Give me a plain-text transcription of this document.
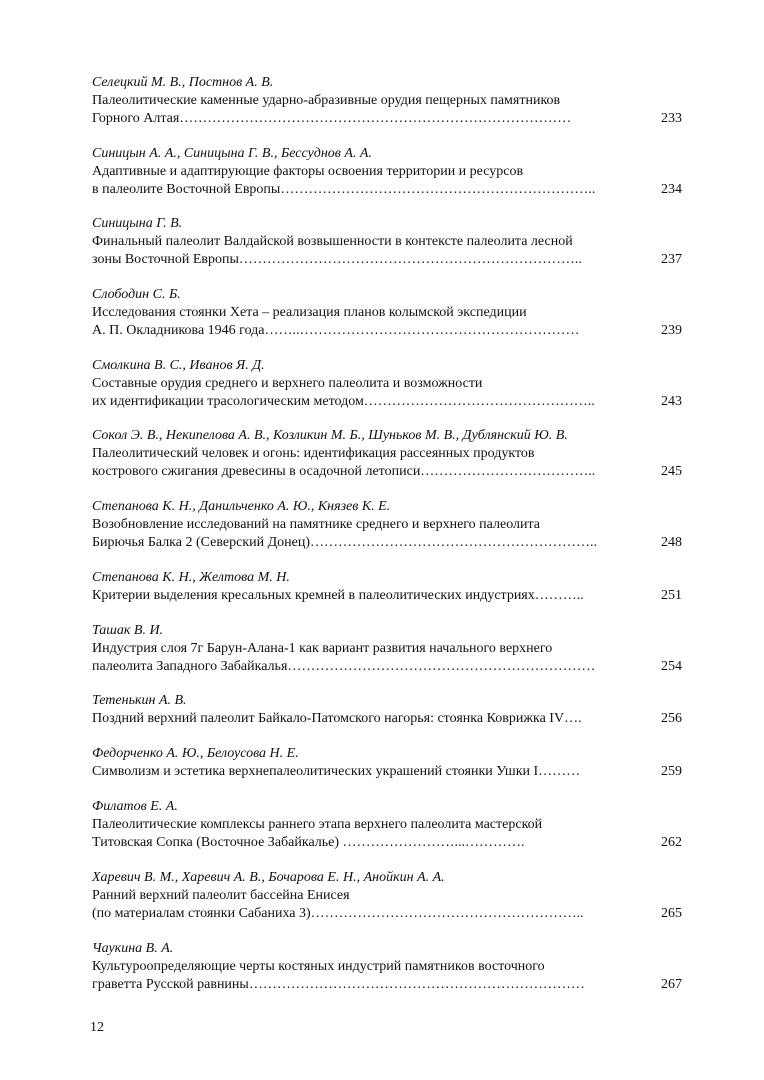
Селецкий М. В., Постнов А. В.
Палеолитические каменные ударно-абразивные орудия пещерных памятников
Горного Алтая…………………………………………………………………………	233
Синицын А. А., Синицына Г. В., Бессуднов А. А.
Адаптивные и адаптирующие факторы освоения территории и ресурсов
в палеолите Восточной Европы…………………………………………………………..	234
Синицына Г. В.
Финальный палеолит Валдайской возвышенности в контексте палеолита лесной
зоны Восточной Европы………………………………………………………………..	237
Слободин С. Б.
Исследования стоянки Хета – реализация планов колымской экспедиции
А. П. Окладникова 1946 года……..……………………………………………………	239
Смолкина В. С., Иванов Я. Д.
Составные орудия среднего и верхнего палеолита и возможности
их идентификации трасологическим методом…………………………………………..	243
Сокол Э. В., Некипелова А. В., Козликин М. Б., Шуньков М. В., Дублянский Ю. В.
Палеолитический человек и огонь: идентификация рассеянных продуктов
кострового сжигания древесины в осадочной летописи………………………………..	245
Степанова К. Н., Данильченко А. Ю., Князев К. Е.
Возобновление исследований на памятнике среднего и верхнего палеолита
Бирючья Балка 2 (Северский Донец)……………………………………………………..	248
Степанова К. Н., Желтова М. Н.
Критерии выделения кресальных кремней в палеолитических индустриях………..	251
Ташак В. И.
Индустрия слоя 7г Барун-Алана-1 как вариант развития начального верхнего
палеолита Западного Забайкалья…………………………………………………………	254
Тетенькин А. В.
Поздний верхний палеолит Байкало-Патомского нагорья: стоянка Коврижка IV….	256
Федорченко А. Ю., Белоусова Н. Е.
Символизм и эстетика верхнепалеолитических украшений стоянки Ушки I………	259
Филатов Е. А.
Палеолитические комплексы раннего этапа верхнего палеолита мастерской
Титовская Сопка (Восточное Забайкалье) ……………………...………….	262
Харевич В. М., Харевич А. В., Бочарова Е. Н., Анойкин А. А.
Ранний верхний палеолит бассейна Енисея
(по материалам стоянки Сабаниха 3)…………………………………………………..	265
Чаукина В. А.
Культуроопределяющие черты костяных индустрий памятников восточного
граветта Русской равнины………………………………………………………………	267
12
